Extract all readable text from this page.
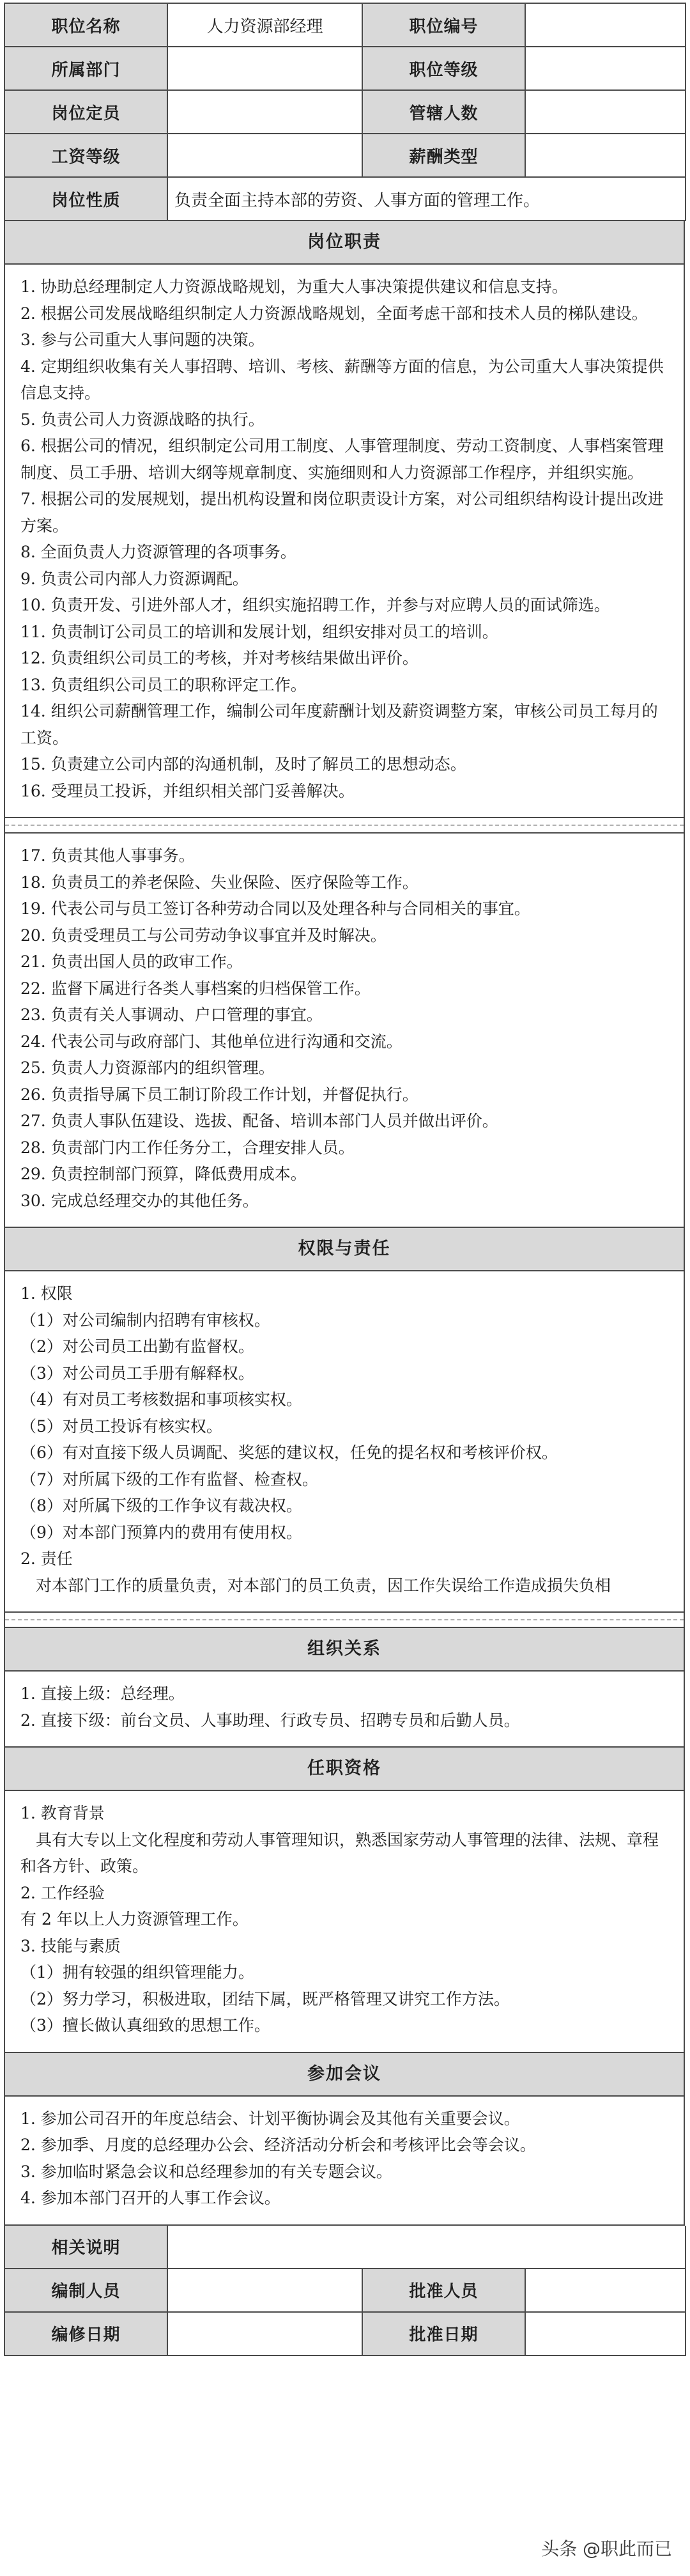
职位名称	人力资源部经理	职位编号	
所属部门		职位等级	
岗位定员		管辖人数	
工资等级		薪酬类型	
岗位性质	负责全面主持本部的劳资、人事方面的管理工作。		
岗位职责

1. 协助总经理制定人力资源战略规划，为重大人事决策提供建议和信息支持。

2. 根据公司发展战略组织制定人力资源战略规划，全面考虑干部和技术人员的梯队建设。

3. 参与公司重大人事问题的决策。

4. 定期组织收集有关人事招聘、培训、考核、薪酬等方面的信息，为公司重大人事决策提供信息支持。

5. 负责公司人力资源战略的执行。

6. 根据公司的情况，组织制定公司用工制度、人事管理制度、劳动工资制度、人事档案管理制度、员工手册、培训大纲等规章制度、实施细则和人力资源部工作程序，并组织实施。

7. 根据公司的发展规划，提出机构设置和岗位职责设计方案，对公司组织结构设计提出改进方案。

8. 全面负责人力资源管理的各项事务。

9. 负责公司内部人力资源调配。

10. 负责开发、引进外部人才，组织实施招聘工作，并参与对应聘人员的面试筛选。

11. 负责制订公司员工的培训和发展计划，组织安排对员工的培训。

12. 负责组织公司员工的考核，并对考核结果做出评价。

13. 负责组织公司员工的职称评定工作。

14. 组织公司薪酬管理工作，编制公司年度薪酬计划及薪资调整方案，审核公司员工每月的工资。

15. 负责建立公司内部的沟通机制，及时了解员工的思想动态。

16. 受理员工投诉，并组织相关部门妥善解决。

17. 负责其他人事事务。

18. 负责员工的养老保险、失业保险、医疗保险等工作。

19. 代表公司与员工签订各种劳动合同以及处理各种与合同相关的事宜。

20. 负责受理员工与公司劳动争议事宜并及时解决。

21. 负责出国人员的政审工作。

22. 监督下属进行各类人事档案的归档保管工作。

23. 负责有关人事调动、户口管理的事宜。

24. 代表公司与政府部门、其他单位进行沟通和交流。

25. 负责人力资源部内的组织管理。

26. 负责指导属下员工制订阶段工作计划，并督促执行。

27. 负责人事队伍建设、选拔、配备、培训本部门人员并做出评价。

28. 负责部门内工作任务分工，合理安排人员。

29. 负责控制部门预算，降低费用成本。

30. 完成总经理交办的其他任务。

权限与责任

1. 权限

（1）对公司编制内招聘有审核权。

（2）对公司员工出勤有监督权。

（3）对公司员工手册有解释权。

（4）有对员工考核数据和事项核实权。

（5）对员工投诉有核实权。

（6）有对直接下级人员调配、奖惩的建议权，任免的提名权和考核评价权。

（7）对所属下级的工作有监督、检查权。

（8）对所属下级的工作争议有裁决权。

（9）对本部门预算内的费用有使用权。

2. 责任

对本部门工作的质量负责，对本部门的员工负责，因工作失误给工作造成损失负相

组织关系

1. 直接上级：总经理。

2. 直接下级：前台文员、人事助理、行政专员、招聘专员和后勤人员。

任职资格

1. 教育背景

具有大专以上文化程度和劳动人事管理知识，熟悉国家劳动人事管理的法律、法规、章程和各方针、政策。

2. 工作经验

有 2 年以上人力资源管理工作。

3. 技能与素质

（1）拥有较强的组织管理能力。

（2）努力学习，积极进取，团结下属，既严格管理又讲究工作方法。

（3）擅长做认真细致的思想工作。

参加会议

1. 参加公司召开的年度总结会、计划平衡协调会及其他有关重要会议。

2. 参加季、月度的总经理办公会、经济活动分析会和考核评比会等会议。

3. 参加临时紧急会议和总经理参加的有关专题会议。

4. 参加本部门召开的人事工作会议。

相关说明			
编制人员		批准人员	
编修日期		批准日期	
头条 @职此而已
